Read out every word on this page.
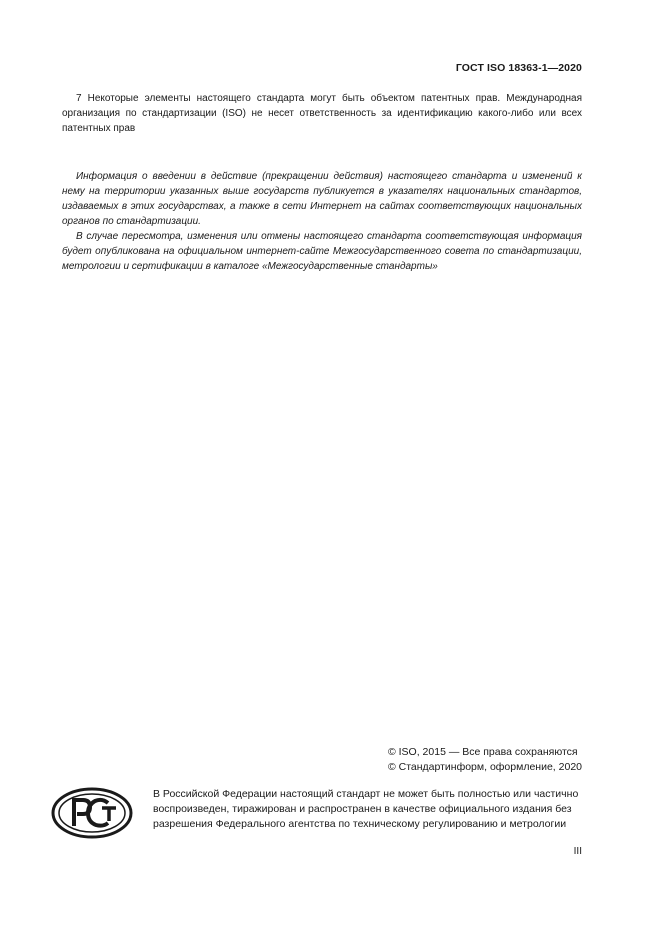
ГОСТ ISO 18363-1—2020

7 Некоторые элементы настоящего стандарта могут быть объектом патентных прав. Международная организация по стандартизации (ISO) не несет ответственность за идентификацию какого-либо или всех патентных прав

Информация о введении в действие (прекращении действия) настоящего стандарта и изменений к нему на территории указанных выше государств публикуется в указателях национальных стандартов, издаваемых в этих государствах, а также в сети Интернет на сайтах соответствующих национальных органов по стандартизации.

В случае пересмотра, изменения или отмены настоящего стандарта соответствующая информация будет опубликована на официальном интернет-сайте Межгосударственного совета по стандартизации, метрологии и сертификации в каталоге «Межгосударственные стандарты»

© ISO, 2015 — Все права сохраняются
© Стандартинформ, оформление, 2020

В Российской Федерации настоящий стандарт не может быть полностью или частично воспроизведен, тиражирован и распространен в качестве официального издания без разрешения Федерального агентства по техническому регулированию и метрологии

III
